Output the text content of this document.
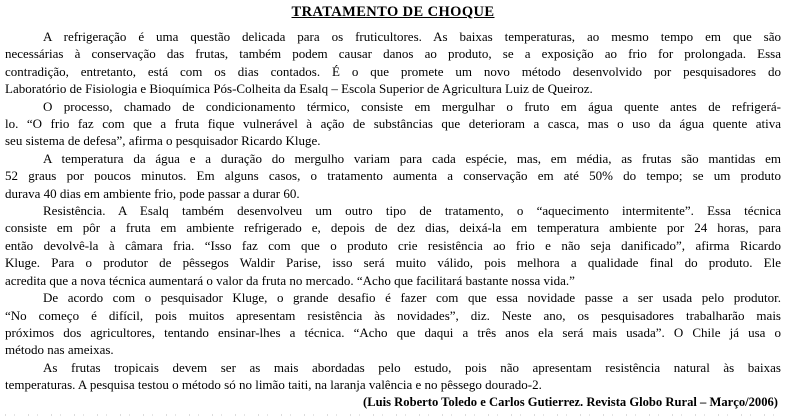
TRATAMENTO DE CHOQUE
A refrigeração é uma questão delicada para os fruticultores. As baixas temperaturas, ao mesmo tempo em que são
necessárias à conservação das frutas, também podem causar danos ao produto, se a exposição ao frio for prolongada. Essa
contradição, entretanto, está com os dias contados. É o que promete um novo método desenvolvido por pesquisadores do
Laboratório de Fisiologia e Bioquímica Pós-Colheita da Esalq – Escola Superior de Agricultura Luiz de Queiroz.
O processo, chamado de condicionamento térmico, consiste em mergulhar o fruto em água quente antes de refrigerá-
lo. “O frio faz com que a fruta fique vulnerável à ação de substâncias que deterioram a casca, mas o uso da água quente ativa
seu sistema de defesa”, afirma o pesquisador Ricardo Kluge.
A temperatura da água e a duração do mergulho variam para cada espécie, mas, em média, as frutas são mantidas em
52 graus por poucos minutos. Em alguns casos, o tratamento aumenta a conservação em até 50% do tempo; se um produto
durava 40 dias em ambiente frio, pode passar a durar 60.
Resistência. A Esalq também desenvolveu um outro tipo de tratamento, o “aquecimento intermitente”. Essa técnica
consiste em pôr a fruta em ambiente refrigerado e, depois de dez dias, deixá-la em temperatura ambiente por 24 horas, para
então devolvê-la à câmara fria. “Isso faz com que o produto crie resistência ao frio e não seja danificado”, afirma Ricardo
Kluge. Para o produtor de pêssegos Waldir Parise, isso será muito válido, pois melhora a qualidade final do produto. Ele
acredita que a nova técnica aumentará o valor da fruta no mercado. “Acho que facilitará bastante nossa vida.”
De acordo com o pesquisador Kluge, o grande desafio é fazer com que essa novidade passe a ser usada pelo produtor.
“No começo é difícil, pois muitos apresentam resistência às novidades”, diz. Neste ano, os pesquisadores trabalharão mais
próximos dos agricultores, tentando ensinar-lhes a técnica. “Acho que daqui a três anos ela será mais usada”. O Chile já usa o
método nas ameixas.
As frutas tropicais devem ser as mais abordadas pelo estudo, pois não apresentam resistência natural às baixas
temperaturas. A pesquisa testou o método só no limão taiti, na laranja valência e no pêssego dourado-2.
(Luis Roberto Toledo e Carlos Gutierrez. Revista Globo Rural – Março/2006)
